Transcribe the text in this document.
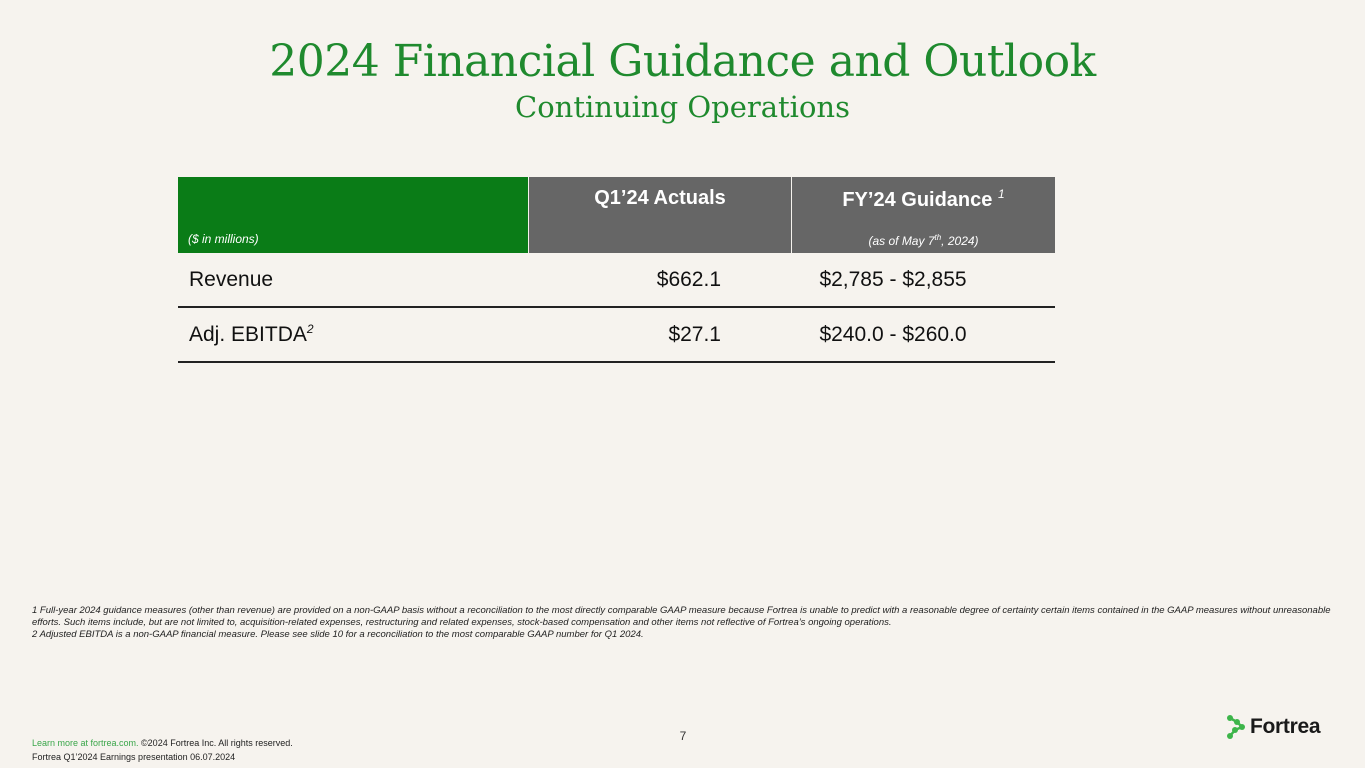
2024 Financial Guidance and Outlook
Continuing Operations
($ in millions)
Q1’24 Actuals	FY’24 Guidance $^1$
(as of May 7th, 2024)
Revenue	$662.1	$2,785 - $2,855
Adj. EBITDA$^2$	$27.1	$240.0 - $260.0

1 Full-year 2024 guidance measures (other than revenue) are provided on a non-GAAP basis without a reconciliation to the most directly comparable GAAP measure because Fortrea is unable to predict with a reasonable degree of certainty certain items contained in the GAAP measures without unreasonable efforts. Such items include, but are not limited to, acquisition-related expenses, restructuring and related expenses, stock-based compensation and other items not reflective of Fortrea’s ongoing operations.

2 Adjusted EBITDA is a non-GAAP financial measure. Please see slide 10 for a reconciliation to the most comparable GAAP number for Q1 2024.

7
Learn more at fortrea.com. ©2024 Fortrea Inc. All rights reserved.
Fortrea Q1’2024 Earnings presentation 06.07.2024
Fortrea
